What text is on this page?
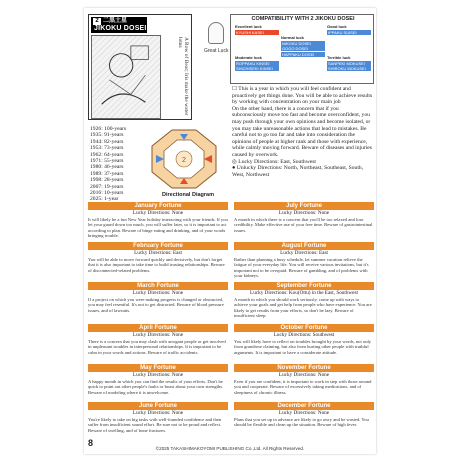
2 二黒土星
JIKOKU DOSEI
A Row of Bear; Iris make the water lotus
Great Luck
COMPATIBILITY WITH 2 JIKOKU DOSEI
Excellent luck
KYUSHI KASEI
Good luck
IPPAKU SUISEI
Normal luck
NIKOKU DOSEI
GOGO DOSEI
HAPPAKU DOSEI
Moderate luck
ROPPAKU KINSEI
SHICHISEKI KINSEI
Terrible luck
SANPEKI MOKUSEI
SHIROKU MOKUSEI

☐ This is a year in which you will feel confident and proactively get things done. You will be able to achieve results by working with concentration on your main job

On the other hand, there is a concern that if you subconsciously move too fast and become overconfident, you may push through your own opinions and become isolated, or you may take unreasonable actions that lead to mistakes. Be careful not to go too far and take into consideration the opinions of people at higher rank and those with experience, while calmly moving forward. Beware of diseases and injuries caused by overwork.

◎ Lucky Directions: East, Southwest

● Unlucky Directions: North, Northeast, Southeast, South, West, Northwest

1926: 100-years
1935: 91-years
1944: 82-years
1953: 73-years
1962: 64-years
1971: 55-years
1980: 46-years
1989: 37-years
1998: 28-years
2007: 19-years
2016: 10-years
2025: 1-year
2
Directional Diagram
January Fortune
Lucky Directions: None
It will likely be a fun New Year holiday interacting with your friends. If you let your guard down too much, you will suffer later, so it is important to act according to plan. Beware of binge eating and drinking, and of your words bringing trouble.
July Fortune
Lucky Directions: None
A month in which there is a concern that you'll be too relaxed and lose credibility. Make effective use of your free time. Beware of gastrointestinal issues.
February Fortune
Lucky Directions: East
You will be able to move forward quickly and decisively, but don't forget that it is also important to take time to build trusting relationships. Beware of disconnected-related problems.
August Fortune
Lucky Directions: East
Rather than planning a busy schedule, let summer vacation relieve the fatigue of your everyday life. You will receive various invitations, but it's important not to be overpaid. Beware of gambling, and of problems with your kidneys.
March Fortune
Lucky Directions: None
If a project on which you were making progress is changed or obstructed, you may feel resentful. It's not to get distracted. Beware of blood pressure issues, and of lawsuits.
September Fortune
Lucky Directions: Kou(Ottu) in the East, Southwest
A month in which you should work seriously, come up with ways to achieve your goals and get help from people who have experience. You are likely to get results from your efforts, so don't be lazy. Beware of insufficient sleep.
April Fortune
Lucky Directions: None
There is a concern that you may clash with arrogant people or get involved in unpleasant troubles in interpersonal relationships. It is important to be calm in your words and actions. Beware of traffic accidents.
October Fortune
Lucky Directions: Southwest
You will likely have to reflect on troubles brought by your words, not only from grandiose claiming, but also from hurting other people with truthful arguments. It is important to have a considerate attitude.
May Fortune
Lucky Directions: None
A happy month in which you can find the results of your efforts. Don't be quick to point out other people's faults or boast about your own strengths. Beware of modeling where it is unwelcome.
November Fortune
Lucky Directions: None
Even if you are confident, it is important to work in step with those around you and cooperate. Beware of excessively taking medications, and of sleepiness of chronic illness.
June Fortune
Lucky Directions: None
You're likely to take on big tasks with well-founded confidence and then suffer from insufficient sound effort. Be sure not to be proud and reflect. Beware of swelling, and of bone fractures.
December Fortune
Lucky Directions: None
Plans that you set up in advance are likely to go awry and be wasted. You should be flexible and clean up the situation. Beware of high fever.
©2025 TAKASHIMAKOYOMI PUBLISHING Co.,Ltd. All Rights Reserved.
8
